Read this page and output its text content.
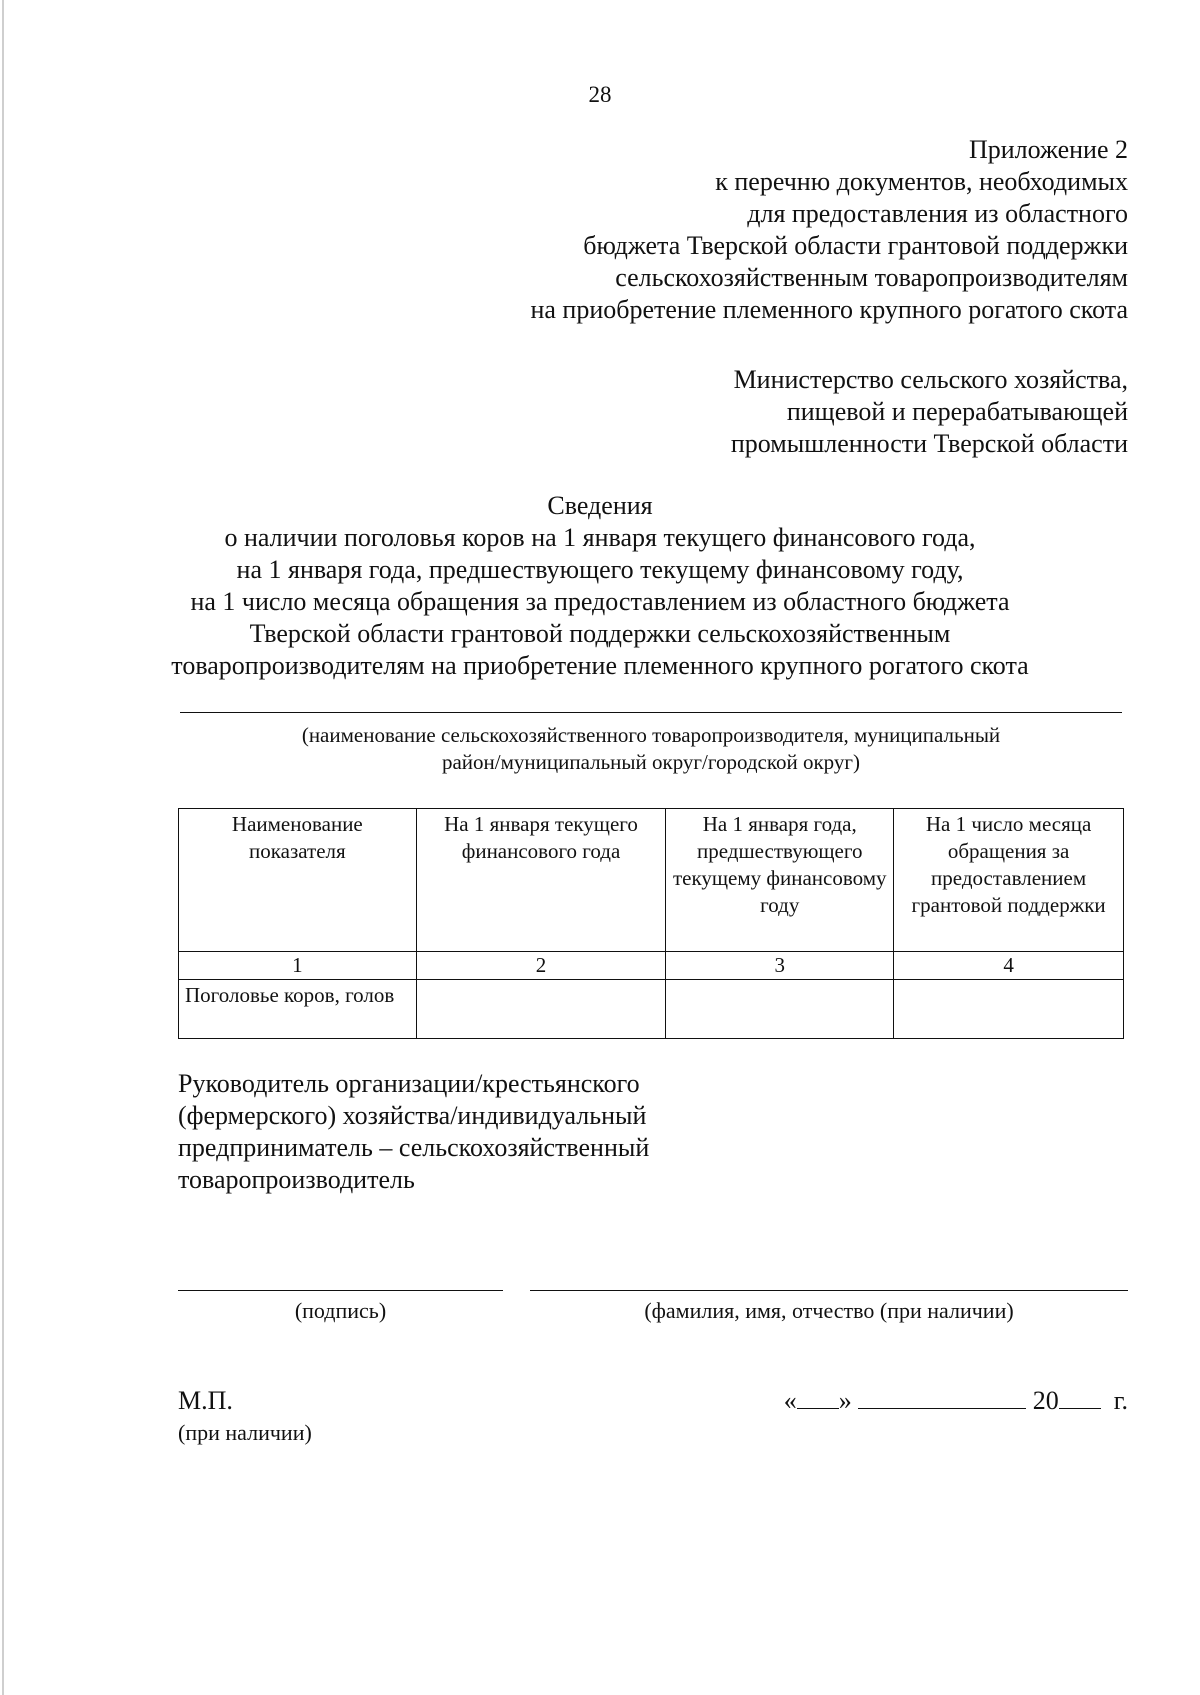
28
Приложение 2
к перечню документов, необходимых
для предоставления из областного
бюджета Тверской области грантовой поддержки
сельскохозяйственным товаропроизводителям
на приобретение племенного крупного рогатого скота
Министерство сельского хозяйства,
пищевой и перерабатывающей
промышленности Тверской области
Сведения
о наличии поголовья коров на 1 января текущего финансового года,
на 1 января года, предшествующего текущему финансовому году,
на 1 число месяца обращения за предоставлением из областного бюджета
Тверской области грантовой поддержки сельскохозяйственным
товаропроизводителям на приобретение племенного крупного рогатого скота
(наименование сельскохозяйственного товаропроизводителя, муниципальный
район/муниципальный округ/городской округ)
Наименование показателя	На 1 января текущего финансового года	На 1 января года, предшествующего текущему финансовому году	На 1 число месяца обращения за предоставлением грантовой поддержки
1	2	3	4
Поголовье коров, голов			
Руководитель организации/крестьянского
(фермерского) хозяйства/индивидуальный
предприниматель – сельскохозяйственный
товаропроизводитель
(подпись)	(фамилия, имя, отчество (при наличии)
М.П.
(при наличии)
« »	20 г.
